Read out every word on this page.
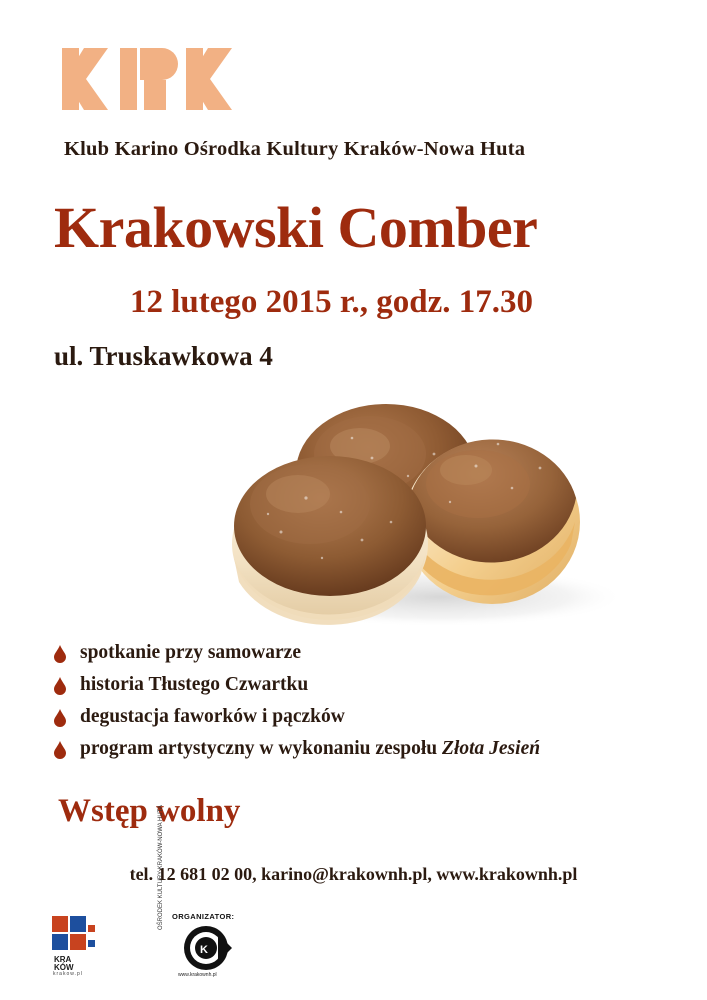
Klub Karino Ośrodka Kultury Kraków-Nowa Huta
Krakowski Comber
12 lutego 2015 r., godz. 17.30
ul. Truskawkowa 4
spotkanie przy samowarze
historia Tłustego Czwartku
degustacja faworków i pączków
program artystyczny w wykonaniu zespołu Złota Jesień
Wstęp wolny
tel. 12 681 02 00, karino@krakownh.pl, www.krakownh.pl
KRA
KÓW
krakow.pl
ORGANIZATOR:
K
www.krakownh.pl
OŚRODEK KULTURY KRAKÓW-NOWA HUTA
